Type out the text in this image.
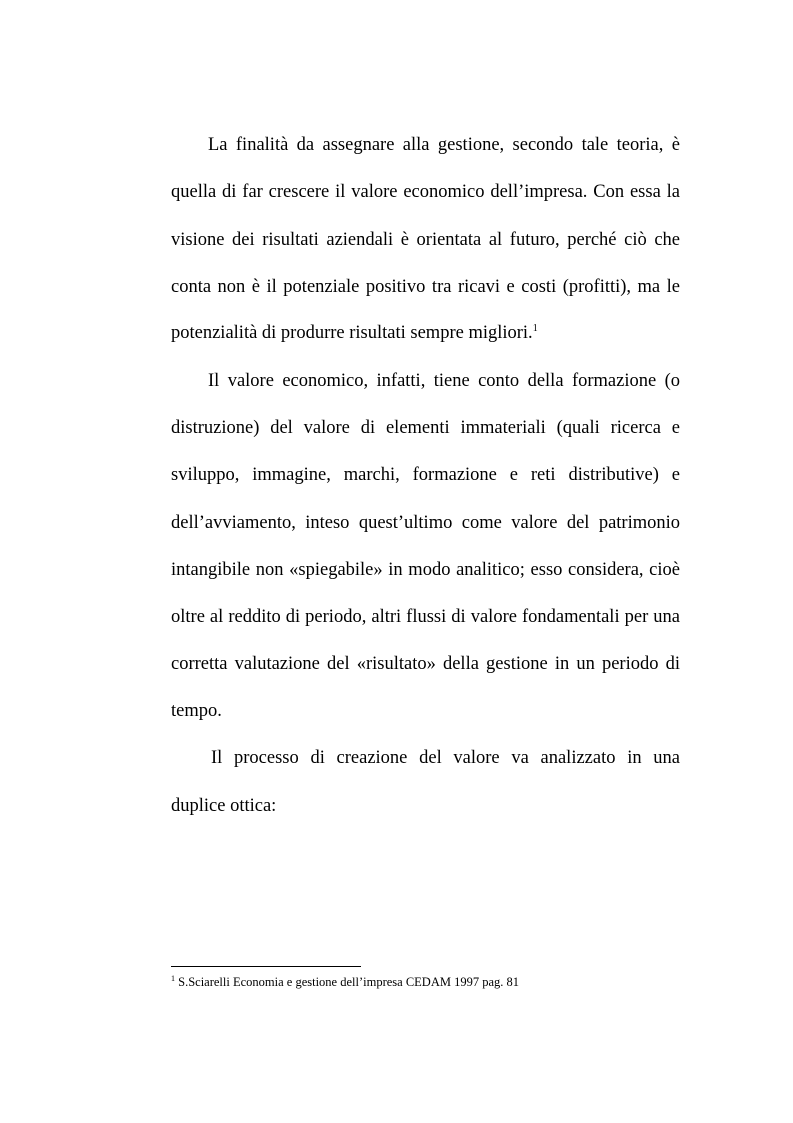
La finalità da assegnare alla gestione, secondo tale teoria, è
quella di far crescere il valore economico dell’impresa. Con essa la
visione dei risultati aziendali è orientata al futuro, perché ciò che
conta non è il potenziale positivo tra ricavi e costi (profitti), ma le
potenzialità di produrre risultati sempre migliori.$^1$
Il valore economico, infatti, tiene conto della formazione (o
distruzione) del valore di elementi immateriali (quali ricerca e
sviluppo, immagine, marchi, formazione e reti distributive) e
dell’avviamento, inteso quest’ultimo come valore del patrimonio
intangibile non «spiegabile» in modo analitico; esso considera, cioè
oltre al reddito di periodo, altri flussi di valore fondamentali per una
corretta valutazione del «risultato» della gestione in un periodo di
tempo.
Il processo di creazione del valore va analizzato in una
duplice ottica:
$^1$ S.Sciarelli Economia e gestione dell’impresa CEDAM 1997 pag. 81
